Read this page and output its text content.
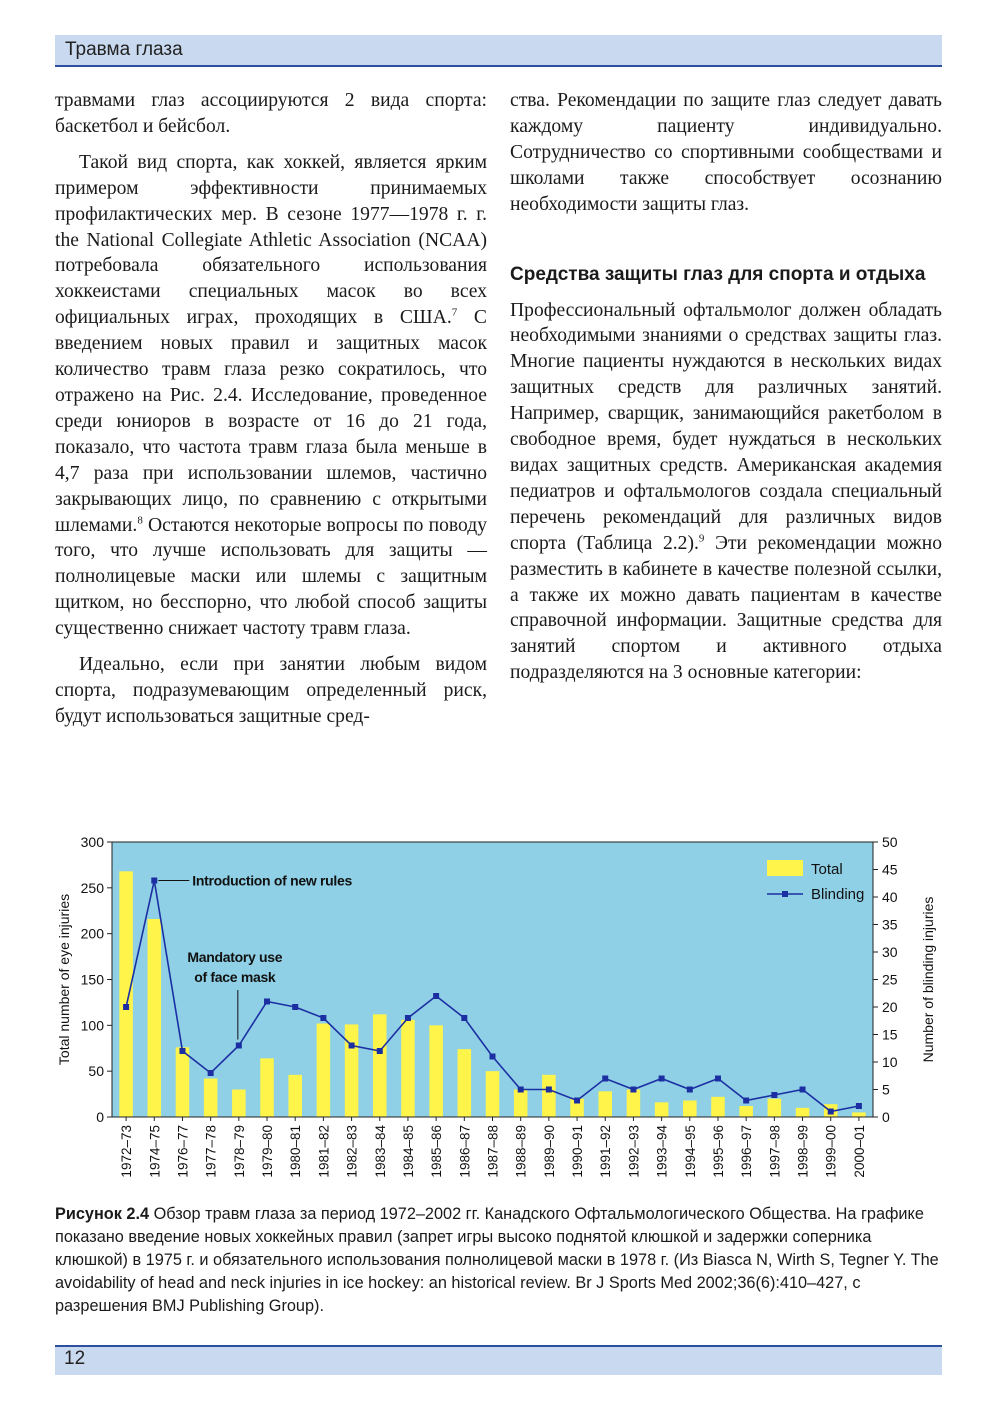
Травма глаза

травмами глаз ассоциируются 2 вида спорта: баскетбол и бейсбол.

Такой вид спорта, как хоккей, является ярким примером эффективности принимаемых профилактических мер. В сезоне 1977—1978 г. г. the National Collegiate Athletic Association (NCAA) потребовала обязательного использования хоккеистами специальных масок во всех официальных играх, проходящих в США.$^7$ С введением новых правил и защитных масок количество травм глаза резко сократилось, что отражено на Рис. 2.4. Исследование, проведенное среди юниоров в возрасте от 16 до 21 года, показало, что частота травм глаза была меньше в 4,7 раза при использовании шлемов, частично закрывающих лицо, по сравнению с открытыми шлемами.$^8$ Остаются некоторые вопросы по поводу того, что лучше использовать для защиты — полнолицевые маски или шлемы с защитным щитком, но бесспорно, что любой способ защиты существенно снижает частоту травм глаза.

Идеально, если при занятии любым видом спорта, подразумевающим определенный риск, будут использоваться защитные сред-

ства. Рекомендации по защите глаз следует давать каждому пациенту индивидуально. Сотрудничество со спортивными сообществами и школами также способствует осознанию необходимости защиты глаз.

Средства защиты глаз для спорта и отдыха

Профессиональный офтальмолог должен обладать необходимыми знаниями о средствах защиты глаз. Многие пациенты нуждаются в нескольких видах защитных средств для различных занятий. Например, сварщик, занимающийся ракетболом в свободное время, будет нуждаться в нескольких видах защитных средств. Американская академия педиатров и офтальмологов создала специальный перечень рекомендаций для различных видов спорта (Таблица 2.2).$^9$ Эти рекомендации можно разместить в кабинете в качестве полезной ссылки, а также их можно давать пациентам в качестве справочной информации. Защитные средства для занятий спортом и активного отдыха подразделяются на 3 основные категории:

0
50
100
150
200
250
300
0
5
10
15
20
25
30
35
40
45
50
1972–73 1974–75 1976–77 1977–78 1978–79 1979–80 1980–81 1981–82 1982–83 1983–84 1984–85 1985–86 1986–87 1987–88 1988–89 1989–90 1990–91 1991–92 1992–93 1993–94 1994–95 1995–96 1996–97 1997–98 1998–99 1999–00 2000–01
Total number of eye injuries	Number of blinding injuries
Introduction of new rules
Mandatory use
of face mask
Total
Blinding
Рисунок 2.4 Обзор травм глаза за период 1972–2002 гг. Канадского Офтальмологического Общества. На графике показано введение новых хоккейных правил (запрет игры высоко поднятой клюшкой и задержки соперника клюшкой) в 1975 г. и обязательного использования полнолицевой маски в 1978 г. (Из Biasca N, Wirth S, Tegner Y. The avoidability of head and neck injuries in ice hockey: an historical review. Br J Sports Med 2002;36(6):410–427, с разрешения BMJ Publishing Group).
12
